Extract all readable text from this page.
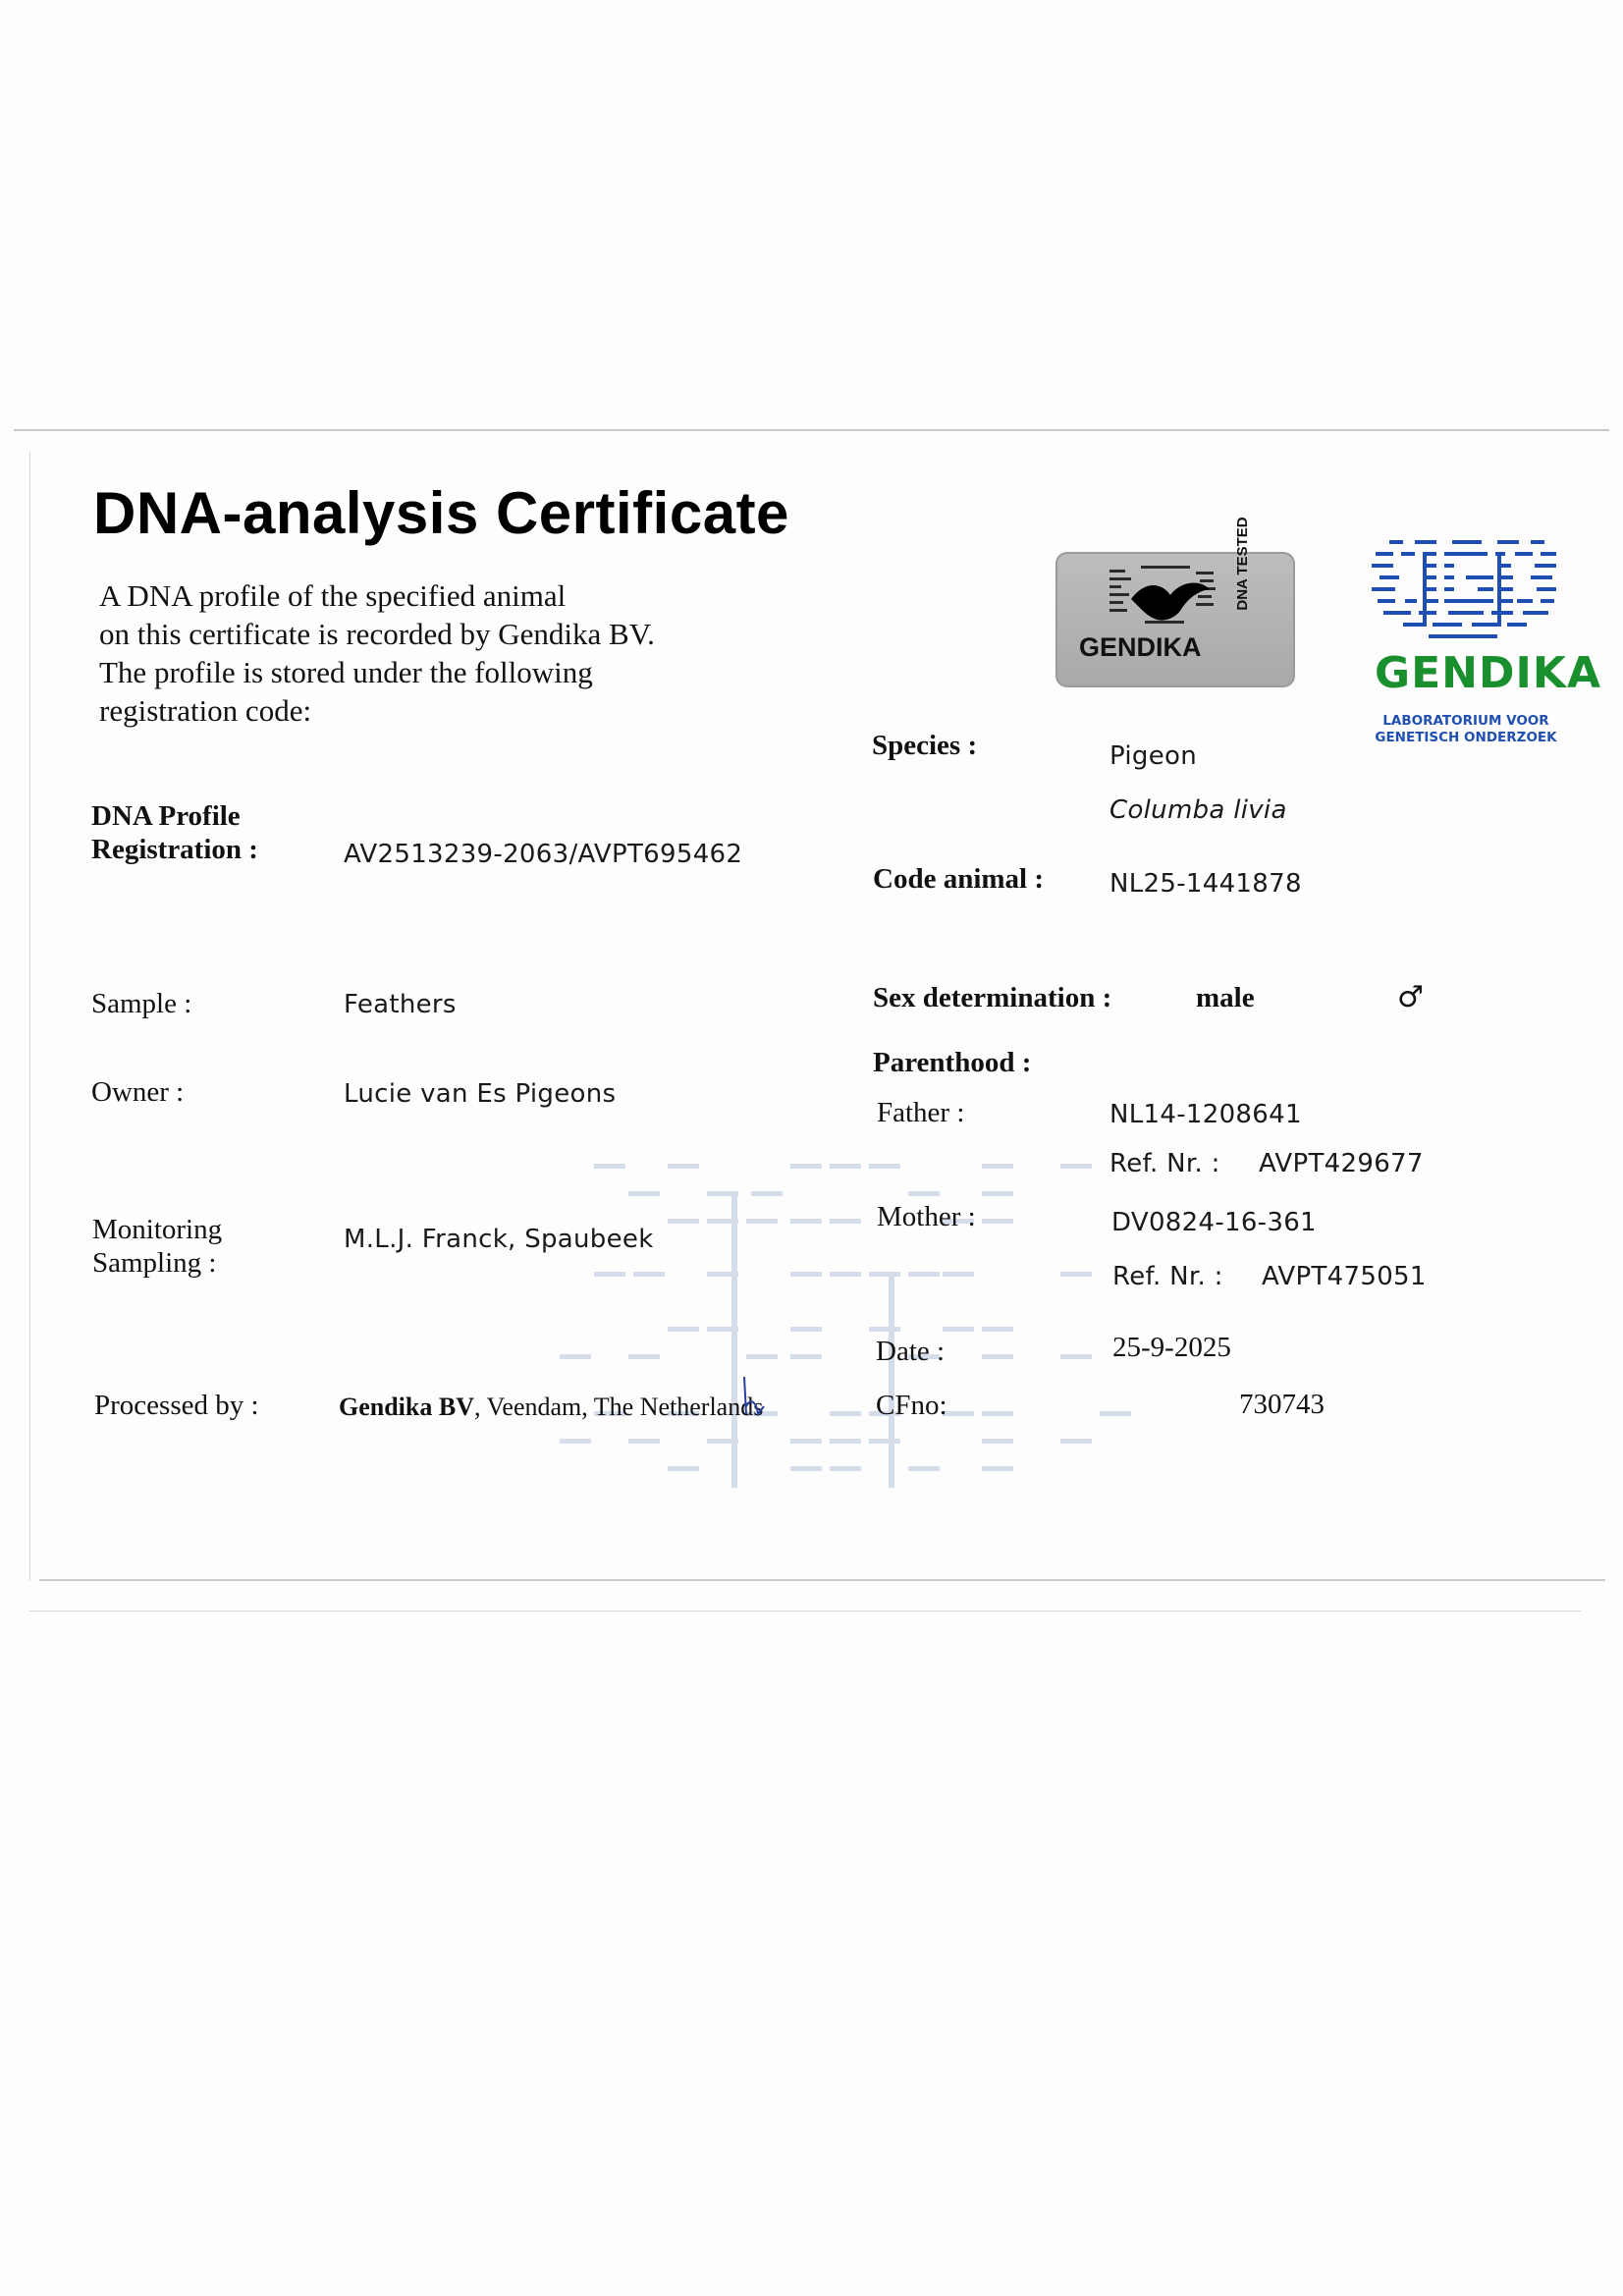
DNA-analysis Certificate
A DNA profile of the specified animal
on this certificate is recorded by Gendika BV.
The profile is stored under the following
registration code:
GENDIKA
DNA TESTED
GENDIKA
LABORATORIUM VOOR
GENETISCH ONDERZOEK
DNA Profile
Registration :	AV2513239-2063/AVPT695462
Sample :	Feathers
Owner :	Lucie van Es Pigeons
Monitoring
Sampling :
M.L.J. Franck, Spaubeek
Processed by :	Gendika BV, Veendam, The Netherlands
Species :	Pigeon
Columba livia
Code animal :	NL25-1441878
Sex determination :	male	♂
Parenthood :
Father :	NL14-1208641
Ref. Nr. : AVPT429677
Mother :	DV0824-16-361
Ref. Nr. : AVPT475051
Date :	25-9-2025
CFno:	730743
